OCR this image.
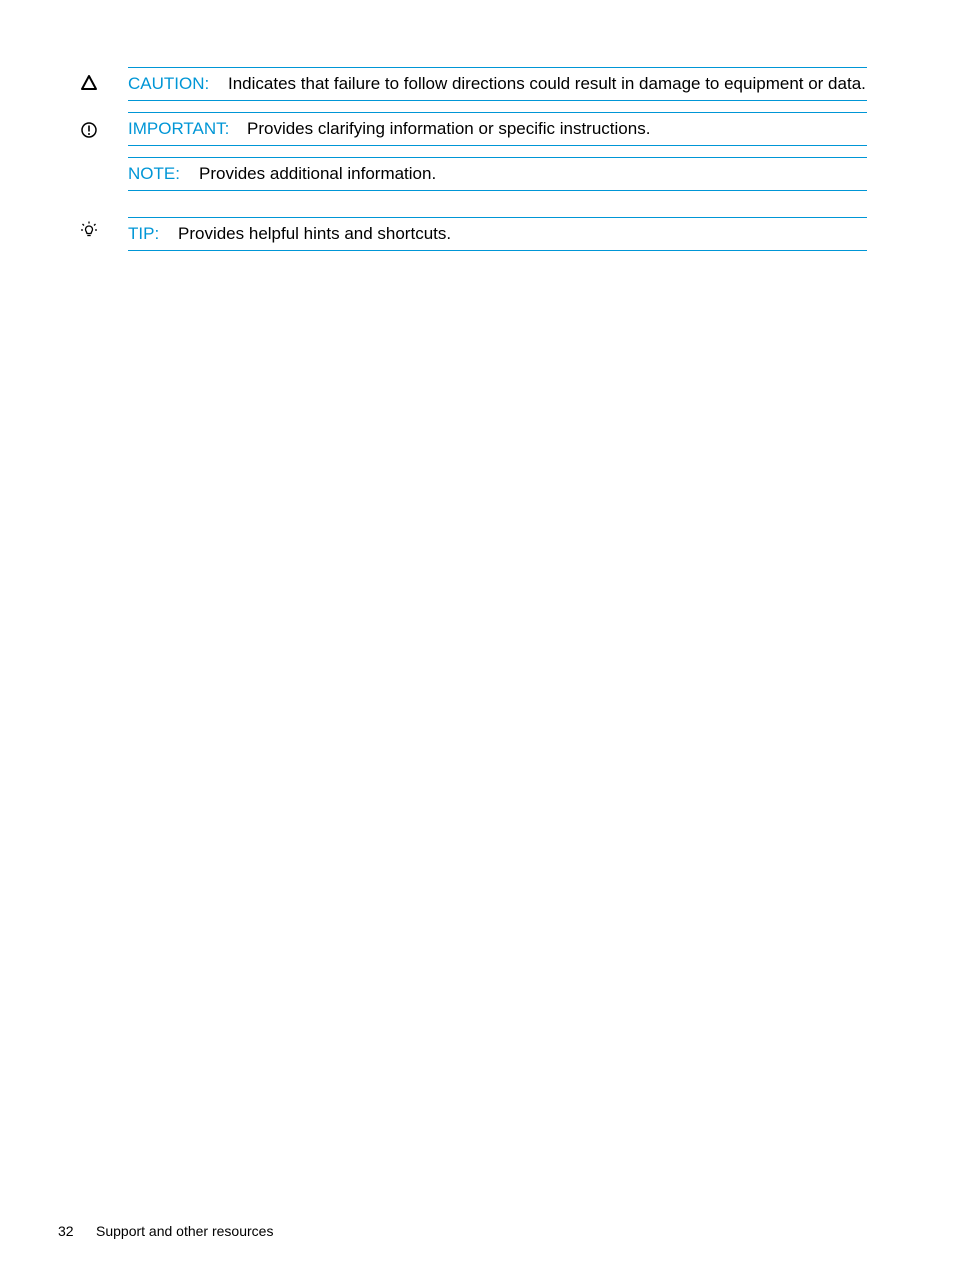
CAUTION: Indicates that failure to follow directions could result in damage to equipment or data.
IMPORTANT: Provides clarifying information or specific instructions.
NOTE: Provides additional information.
TIP: Provides helpful hints and shortcuts.
32 Support and other resources
